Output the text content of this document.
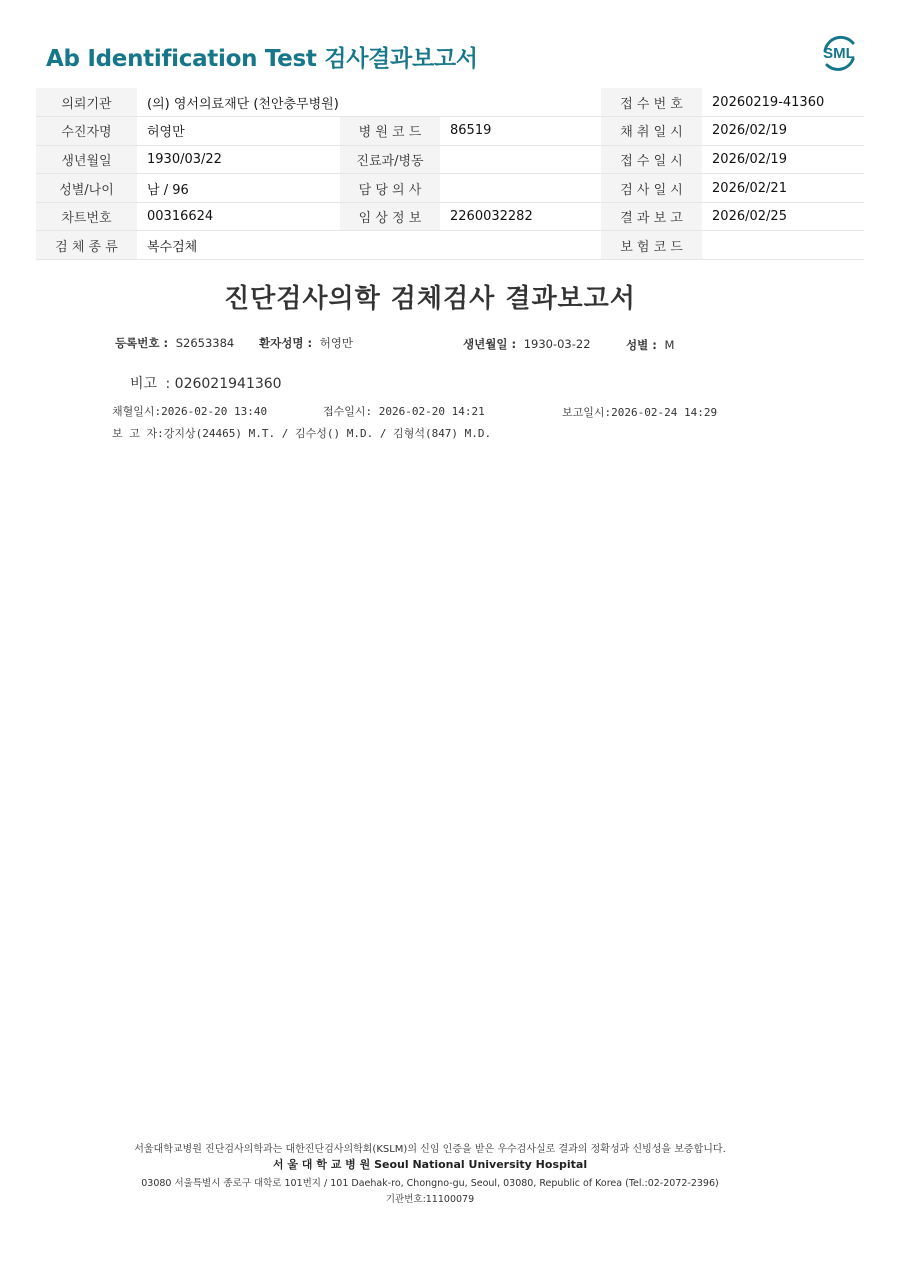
Ab Identification Test 검사결과보고서	SML
의뢰기관	(의) 영서의료재단 (천안충무병원)			접 수 번 호	20260219-41360
수진자명	허영만	병 원 코 드	86519	채 취 일 시	2026/02/19
생년월일	1930/03/22	진료과/병동		접 수 일 시	2026/02/19
성별/나이	남 / 96	담 당 의 사		검 사 일 시	2026/02/21
차트번호	00316624	임 상 정 보	2260032282	결 과 보 고	2026/02/25
검 체 종 류	복수검체			보 험 코 드	
진단검사의학 검체검사 결과보고서
등록번호 : S2653384 환자성명 : 허영만	생년월일 : 1930-03-22	성별 : M
비고 : 026021941360
채혈일시:2026-02-20 13:40	접수일시: 2026-02-20 14:21	보고일시:2026-02-24 14:29
보 고 자:강지상(24465) M.T. / 김수성() M.D. / 김형석(847) M.D.
서울대학교병원 진단검사의학과는 대한진단검사의학회(KSLM)의 신임 인증을 받은 우수검사실로 결과의 정확성과 신빙성을 보증합니다.
서 울 대 학 교 병 원 Seoul National University Hospital
03080 서울특별시 종로구 대학로 101번지 / 101 Daehak-ro, Chongno-gu, Seoul, 03080, Republic of Korea (Tel.:02-2072-2396)
기관번호:11100079
